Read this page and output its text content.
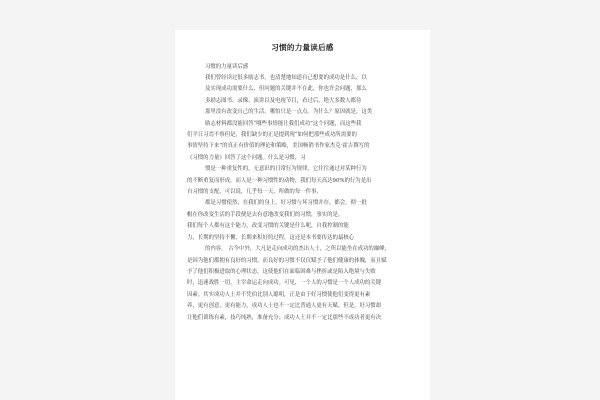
习惯的力量读后感
习惯的力量读后感
我们曾经读过很多励志书，也清楚地知道自己想要的成功是什么，以
及实现成功需要什么，但问题的关键并不在此，你也许会问题，那么
多励志图书、录像、演讲以及电视节目，看过后，绝大多数人都待
那里没有改变自己的生活，哪怕只是一点点。为什么？原因就是，这类
励志材料都没能回答“哪些事情能让我们成功”这个问题，而这些我
们平日习焉不察但是，我们缺少的正是提到现“如何把那些成功所需要的
事情坚持下来”的真正有价值的理论和策略，美国畅销书作家杰克·霍吉撰写的
《习惯的力量》回答了这个问题。什么是习惯，习
惯是一种重复性的，无意识的日常行为规律，它往往通过对某种行为
的不断重复而形成。而人是一种习惯性的动物，我们每天高达90%的行为是出
自习惯的支配，可以说，几乎每一天，所做的每一件事，
都是习惯使然，在我们的身上，好习惯与坏习惯并存，都会，彻一批
帽在你改变生活的手段便是去有意地改变我们的习惯，事实的是，
我们每个人都有这个能力，改变习惯的关键是什么呢，自我控制的能
力，长期的坚持不懈，长期来积好的过程，这还是本书要传达的最核心
的内容。 古今中外，大凡是走向成功的杰出人士，之所以能坐在成功的巅峰，
是因为他们都拥有良好的习惯，而良好的习惯不仅仅赋予了他们健康的体魄，而且赋
予了他们积极进取的心理状态，这使他们在面临困难与挫折或是陷入绝境与失败
时，迅速战胜一切，主宰命运走向成功。可见，一个人的习惯是一个人成功的关键
因素。其实成功人士并不凭伯比别人聪明，正是由于好习惯使他们变得更有素
养，更有创意，更有能力，成功人士也不一定比普通人更有天赋，但是，好习惯却
让他们训练有素，技巧纯熟，准备充分；成功人士并不一定比那些不成功者更有决
